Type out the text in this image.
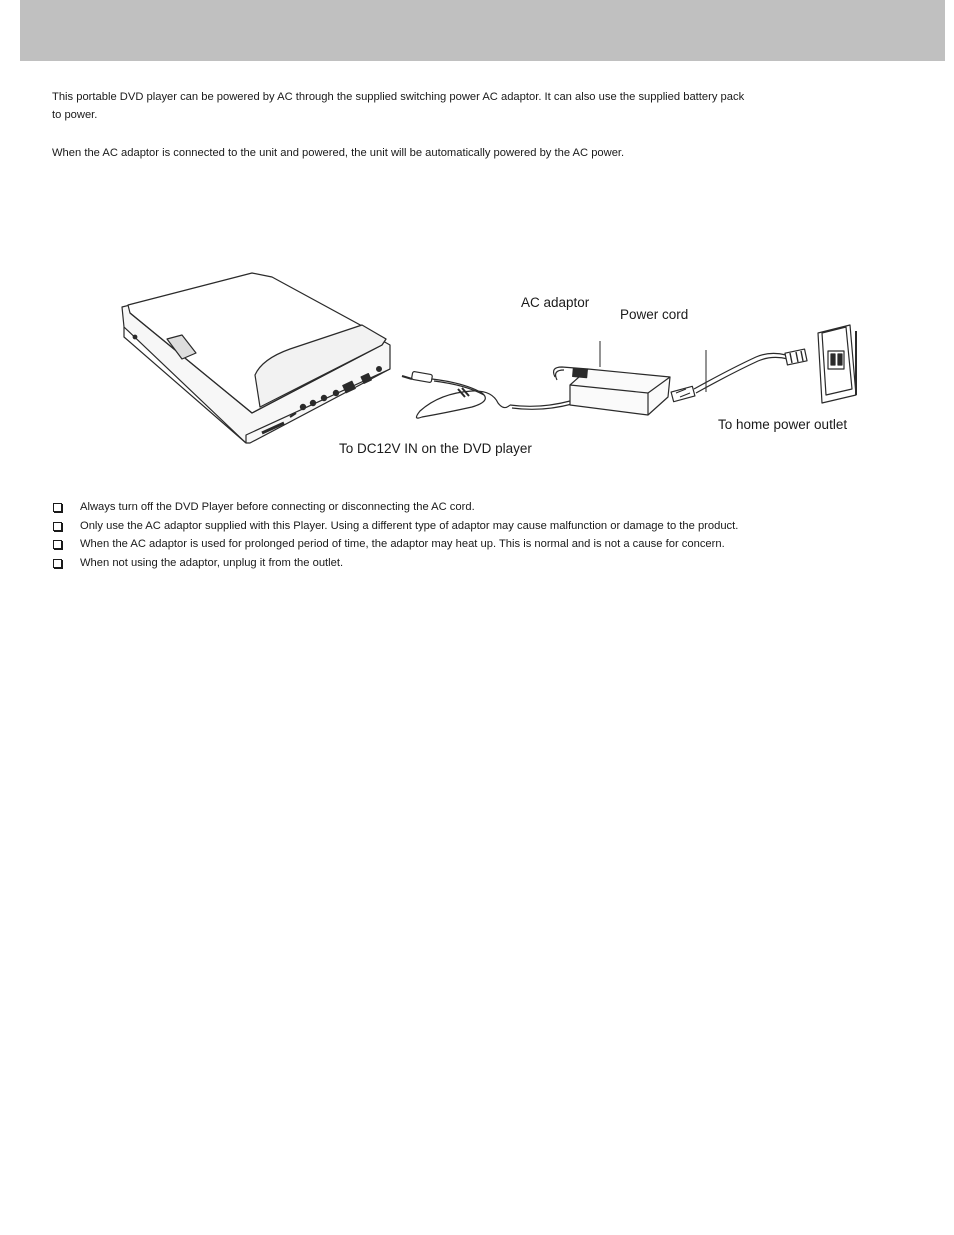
This portable DVD player can be powered by AC through the supplied switching power AC adaptor. It can also use the supplied battery pack to power.

When the AC adaptor is connected to the unit and powered, the unit will be automatically powered by the AC power.

AC adaptor
Power cord
To home power outlet
To DC12V IN on the DVD player
Always turn off the DVD Player before connecting or disconnecting the AC cord.
Only use the AC adaptor supplied with this Player. Using a different type of adaptor may cause malfunction or damage to the product.
When the AC adaptor is used for prolonged period of time, the adaptor may heat up. This is normal and is not a cause for concern.
When not using the adaptor, unplug it from the outlet.
